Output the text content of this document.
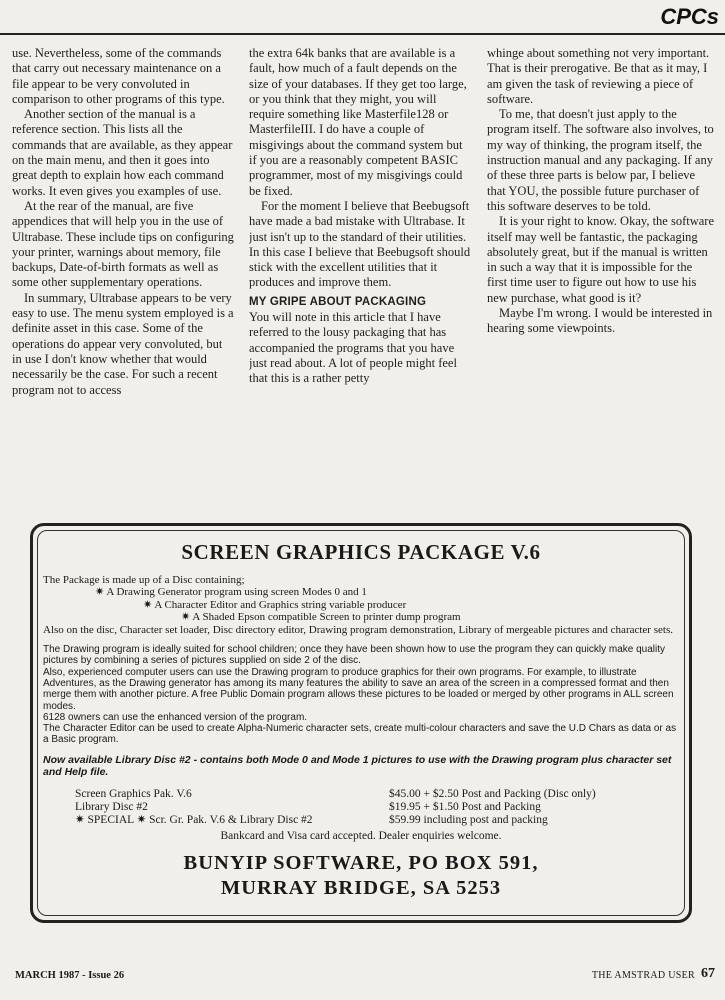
CPCs

use. Nevertheless, some of the commands that carry out necessary maintenance on a file appear to be very convoluted in comparison to other programs of this type.

Another section of the manual is a reference section. This lists all the commands that are available, as they appear on the main menu, and then it goes into great depth to explain how each command works. It even gives you examples of use.

At the rear of the manual, are five appendices that will help you in the use of Ultrabase. These include tips on configuring your printer, warnings about memory, file backups, Date-of-birth formats as well as some other supplementary operations.

In summary, Ultrabase appears to be very easy to use. The menu system employed is a definite asset in this case. Some of the operations do appear very convoluted, but in use I don't know whether that would necessarily be the case. For such a recent program not to access

the extra 64k banks that are available is a fault, how much of a fault depends on the size of your databases. If they get too large, or you think that they might, you will require something like Masterfile128 or MasterfileIII. I do have a couple of misgivings about the command system but if you are a reasonably competent BASIC programmer, most of my misgivings could be fixed.

For the moment I believe that Beebugsoft have made a bad mistake with Ultrabase. It just isn't up to the standard of their utilities. In this case I believe that Beebugsoft should stick with the excellent utilities that it produces and improve them.

MY GRIPE ABOUT PACKAGING

You will note in this article that I have referred to the lousy packaging that has accompanied the programs that you have just read about. A lot of people might feel that this is a rather petty

whinge about something not very important. That is their prerogative. Be that as it may, I am given the task of reviewing a piece of software.

To me, that doesn't just apply to the program itself. The software also involves, to my way of thinking, the program itself, the instruction manual and any packaging. If any of these three parts is below par, I believe that YOU, the possible future purchaser of this software deserves to be told.

It is your right to know. Okay, the software itself may well be fantastic, the packaging absolutely great, but if the manual is written in such a way that it is impossible for the first time user to figure out how to use his new purchase, what good is it?

Maybe I'm wrong. I would be interested in hearing some viewpoints.

SCREEN GRAPHICS PACKAGE V.6

The Package is made up of a Disc containing;

✷ A Drawing Generator program using screen Modes 0 and 1

✷ A Character Editor and Graphics string variable producer

✷ A Shaded Epson compatible Screen to printer dump program

Also on the disc, Character set loader, Disc directory editor, Drawing program demonstration, Library of mergeable pictures and character sets.

The Drawing program is ideally suited for school children; once they have been shown how to use the program they can quickly make quality pictures by combining a series of pictures supplied on side 2 of the disc.

Also, experienced computer users can use the Drawing program to produce graphics for their own programs. For example, to illustrate Adventures, as the Drawing generator has among its many features the ability to save an area of the screen in a compressed format and then merge them with another picture. A free Public Domain program allows these pictures to be loaded or merged by other programs in ALL screen modes.

6128 owners can use the enhanced version of the program.

The Character Editor can be used to create Alpha-Numeric character sets, create multi-colour characters and save the U.D Chars as data or as a Basic program.

Now available Library Disc #2 - contains both Mode 0 and Mode 1 pictures to use with the Drawing program plus character set and Help file.

Screen Graphics Pak. V.6
Library Disc #2
✷ SPECIAL ✷ Scr. Gr. Pak. V.6 & Library Disc #2
$45.00 + $2.50 Post and Packing (Disc only)
$19.95 + $1.50 Post and Packing
$59.99 including post and packing

Bankcard and Visa card accepted. Dealer enquiries welcome.

BUNYIP SOFTWARE, PO BOX 591,
MURRAY BRIDGE, SA 5253
MARCH 1987 - Issue 26	THE AMSTRAD USER 67
